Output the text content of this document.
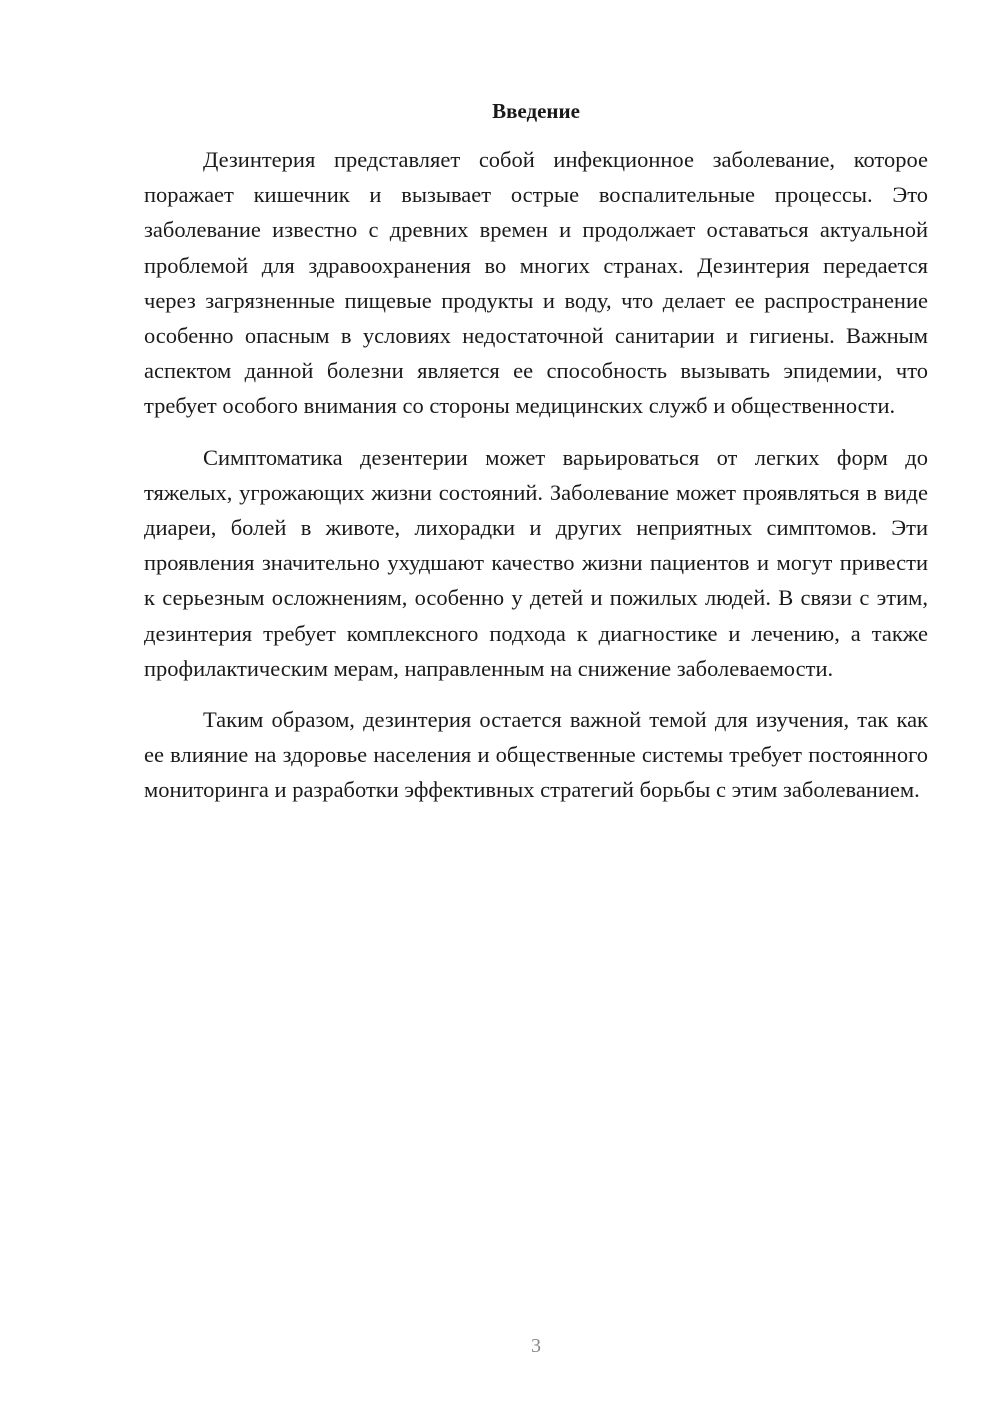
Введение

Дезинтерия представляет собой инфекционное заболевание, которое поражает кишечник и вызывает острые воспалительные процессы. Это заболевание известно с древних времен и продолжает оставаться актуальной проблемой для здравоохранения во многих странах. Дезинтерия передается через загрязненные пищевые продукты и воду, что делает ее распространение особенно опасным в условиях недостаточной санитарии и гигиены. Важным аспектом данной болезни является ее способность вызывать эпидемии, что требует особого внимания со стороны медицинских служб и общественности.

Симптоматика дезентерии может варьироваться от легких форм до тяжелых, угрожающих жизни состояний. Заболевание может проявляться в виде диареи, болей в животе, лихорадки и других неприятных симптомов. Эти проявления значительно ухудшают качество жизни пациентов и могут привести к серьезным осложнениям, особенно у детей и пожилых людей. В связи с этим, дезинтерия требует комплексного подхода к диагностике и лечению, а также профилактическим мерам, направленным на снижение заболеваемости.

Таким образом, дезинтерия остается важной темой для изучения, так как ее влияние на здоровье населения и общественные системы требует постоянного мониторинга и разработки эффективных стратегий борьбы с этим заболеванием.

3
